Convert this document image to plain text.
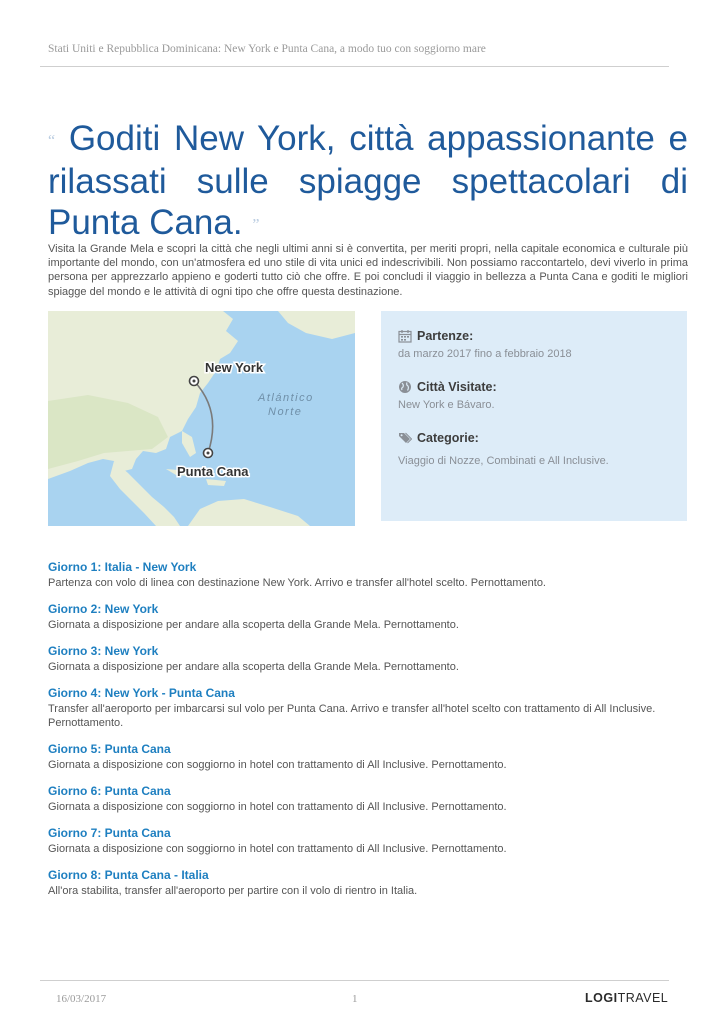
Stati Uniti e Repubblica Dominicana: New York e Punta Cana, a modo tuo con soggiorno mare
“ Goditi New York, città appassionante e rilassati sulle spiagge spettacolari di Punta Cana. ”

Visita la Grande Mela e scopri la città che negli ultimi anni si è convertita, per meriti propri, nella capitale economica e culturale più importante del mondo, con un'atmosfera ed uno stile di vita unici ed indescrivibili. Non possiamo raccontartelo, devi viverlo in prima persona per apprezzarlo appieno e goderti tutto ciò che offre. E poi concludi il viaggio in bellezza a Punta Cana e goditi le migliori spiagge del mondo e le attività di ogni tipo che offre questa destinazione.

New York
Punta Cana
Atlántico
Norte
Partenze:
da marzo 2017 fino a febbraio 2018
Città Visitate:
New York e Bávaro.
Categorie:
Viaggio di Nozze, Combinati e All Inclusive.
Giorno 1: Italia - New York
Partenza con volo di linea con destinazione New York. Arrivo e transfer all'hotel scelto. Pernottamento.
Giorno 2: New York
Giornata a disposizione per andare alla scoperta della Grande Mela. Pernottamento.
Giorno 3: New York
Giornata a disposizione per andare alla scoperta della Grande Mela. Pernottamento.
Giorno 4: New York - Punta Cana
Transfer all'aeroporto per imbarcarsi sul volo per Punta Cana. Arrivo e transfer all'hotel scelto con trattamento di All Inclusive. Pernottamento.
Giorno 5: Punta Cana
Giornata a disposizione con soggiorno in hotel con trattamento di All Inclusive. Pernottamento.
Giorno 6: Punta Cana
Giornata a disposizione con soggiorno in hotel con trattamento di All Inclusive. Pernottamento.
Giorno 7: Punta Cana
Giornata a disposizione con soggiorno in hotel con trattamento di All Inclusive. Pernottamento.
Giorno 8: Punta Cana - Italia
All'ora stabilita, transfer all'aeroporto per partire con il volo di rientro in Italia.
16/03/2017	1	LOGITRAVEL
